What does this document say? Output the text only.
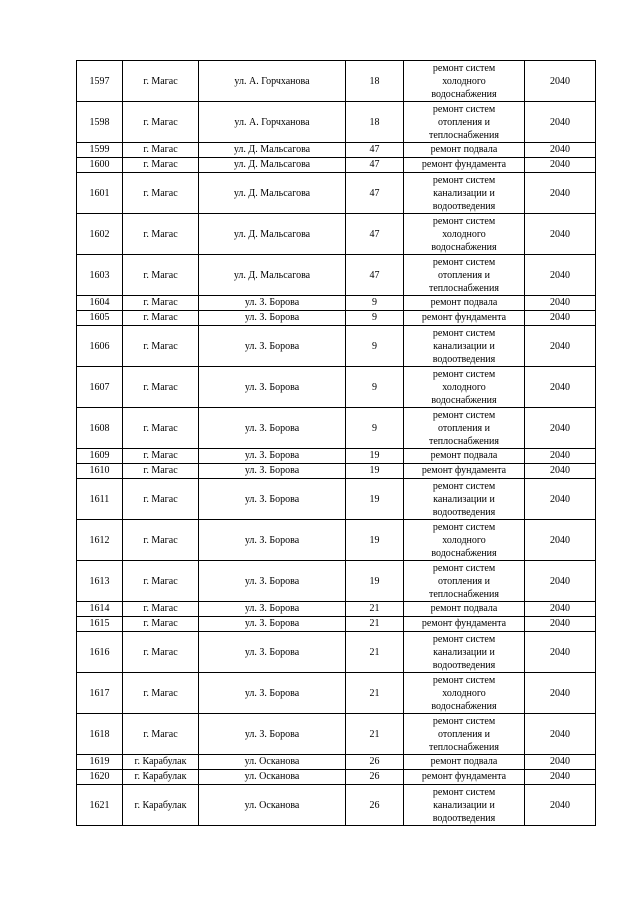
1597	г. Магас	ул. А. Горчханова	18	ремонт систем
холодного
водоснабжения	2040
1598	г. Магас	ул. А. Горчханова	18	ремонт систем
отопления и
теплоснабжения	2040
1599	г. Магас	ул. Д. Мальсагова	47	ремонт подвала	2040
1600	г. Магас	ул. Д. Мальсагова	47	ремонт фундамента	2040
1601	г. Магас	ул. Д. Мальсагова	47	ремонт систем
канализации и
водоотведения	2040
1602	г. Магас	ул. Д. Мальсагова	47	ремонт систем
холодного
водоснабжения	2040
1603	г. Магас	ул. Д. Мальсагова	47	ремонт систем
отопления и
теплоснабжения	2040
1604	г. Магас	ул. З. Борова	9	ремонт подвала	2040
1605	г. Магас	ул. З. Борова	9	ремонт фундамента	2040
1606	г. Магас	ул. З. Борова	9	ремонт систем
канализации и
водоотведения	2040
1607	г. Магас	ул. З. Борова	9	ремонт систем
холодного
водоснабжения	2040
1608	г. Магас	ул. З. Борова	9	ремонт систем
отопления и
теплоснабжения	2040
1609	г. Магас	ул. З. Борова	19	ремонт подвала	2040
1610	г. Магас	ул. З. Борова	19	ремонт фундамента	2040
1611	г. Магас	ул. З. Борова	19	ремонт систем
канализации и
водоотведения	2040
1612	г. Магас	ул. З. Борова	19	ремонт систем
холодного
водоснабжения	2040
1613	г. Магас	ул. З. Борова	19	ремонт систем
отопления и
теплоснабжения	2040
1614	г. Магас	ул. З. Борова	21	ремонт подвала	2040
1615	г. Магас	ул. З. Борова	21	ремонт фундамента	2040
1616	г. Магас	ул. З. Борова	21	ремонт систем
канализации и
водоотведения	2040
1617	г. Магас	ул. З. Борова	21	ремонт систем
холодного
водоснабжения	2040
1618	г. Магас	ул. З. Борова	21	ремонт систем
отопления и
теплоснабжения	2040
1619	г. Карабулак	ул. Осканова	26	ремонт подвала	2040
1620	г. Карабулак	ул. Осканова	26	ремонт фундамента	2040
1621	г. Карабулак	ул. Осканова	26	ремонт систем
канализации и
водоотведения	2040
